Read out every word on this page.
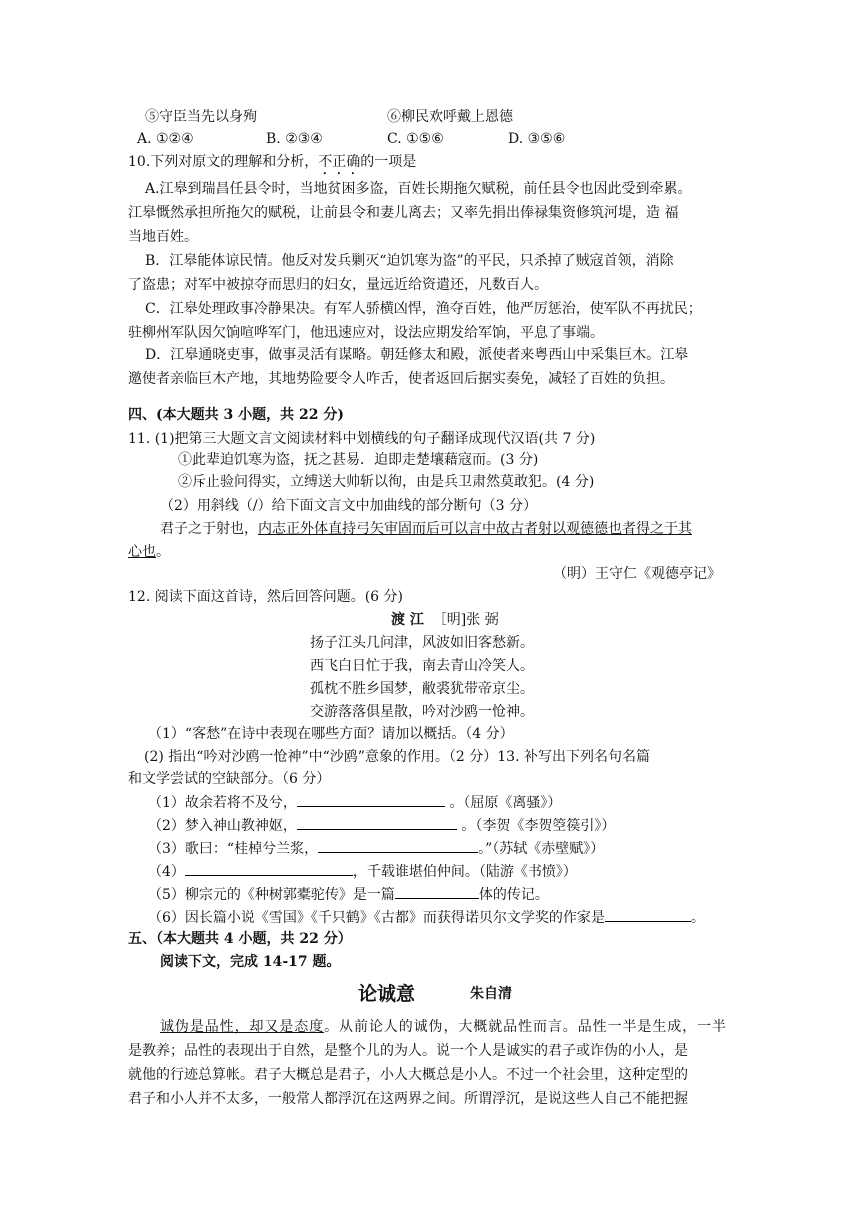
⑤守臣当先以身殉	⑥柳民欢呼戴上恩德
A. ①②④	B. ②③④	C. ①⑤⑥	D. ③⑤⑥
10.下列对原文的理解和分析，不正确的一项是
A.江皋到瑞昌任县令时，当地贫困多盗，百姓长期拖欠赋税，前任县令也因此受到牵累。
江皋慨然承担所拖欠的赋税，让前县令和妻儿离去；又率先捐出俸禄集资修筑河堤，造 福
当地百姓。
B．江皋能体谅民情。他反对发兵剿灭“迫饥寒为盗”的平民，只杀掉了贼寇首领，消除
了盗患；对军中被掠夺而思归的妇女，量远近给资遣还，凡数百人。
C．江皋处理政事冷静果决。有军人骄横凶悍，渔夺百姓，他严厉惩治，使军队不再扰民；
驻柳州军队因欠饷喧哗军门，他迅速应对，设法应期发给军饷，平息了事端。
D．江皋通晓吏事，做事灵活有谋略。朝廷修太和殿，派使者来粤西山中采集巨木。江皋
邀使者亲临巨木产地，其地势险要令人咋舌，使者返回后据实奏免，减轻了百姓的负担。
四、(本大题共 3 小题，共 22 分)
11. (1)把第三大题文言文阅读材料中划横线的句子翻译成现代汉语(共 7 分)
①此辈迫饥寒为盗，抚之甚易．迫即走楚壤藉寇而。(3 分)
②斥止验问得实，立缚送大帅斩以徇，由是兵卫肃然莫敢犯。(4 分)
（2）用斜线（/）给下面文言文中加曲线的部分断句（3 分）
君子之于射也，内志正外体直持弓矢审固而后可以言中故古者射以观德德也者得之于其
心也。
（明）王守仁《观德亭记》
12. 阅读下面这首诗，然后回答问题。(6 分)
渡 江 ［明]张 弼
扬子江头几问津，风波如旧客愁新。
西飞白日忙于我，南去青山冷笑人。
孤枕不胜乡国梦，敝裘犹带帝京尘。
交游落落俱星散，吟对沙鸥一怆神。
（1）“客愁”在诗中表现在哪些方面？请加以概括。（4 分）
(2) 指出“吟对沙鸥一怆神”中“沙鸥”意象的作用。（2 分）13. 补写出下列名句名篇
和文学尝试的空缺部分。（6 分）
（1）故余若将不及兮，	。（屈原《离骚》）
（2）梦入神山教神妪，	。（李贺《李贺箜篌引》）
（3）歌曰：“桂棹兮兰浆，	。”（苏轼《赤壁赋》）
（4）	，千载谁堪伯仲间。（陆游《书愤》）
（5）柳宗元的《种树郭橐驼传》是一篇	体的传记。
（6）因长篇小说《雪国》《千只鹤》《古都》而获得诺贝尔文学奖的作家是	。
五、（本大题共 4 小题，共 22 分）
阅读下文，完成 14-17 题。
论诚意	朱自清
诚伪是品性，却又是态度。从前论人的诚伪，大概就品性而言。品性一半是生成，一半
是教养；品性的表现出于自然，是整个儿的为人。说一个人是诚实的君子或诈伪的小人，是
就他的行迹总算帐。君子大概总是君子，小人大概总是小人。不过一个社会里，这种定型的
君子和小人并不太多，一般常人都浮沉在这两界之间。所谓浮沉，是说这些人自己不能把握
